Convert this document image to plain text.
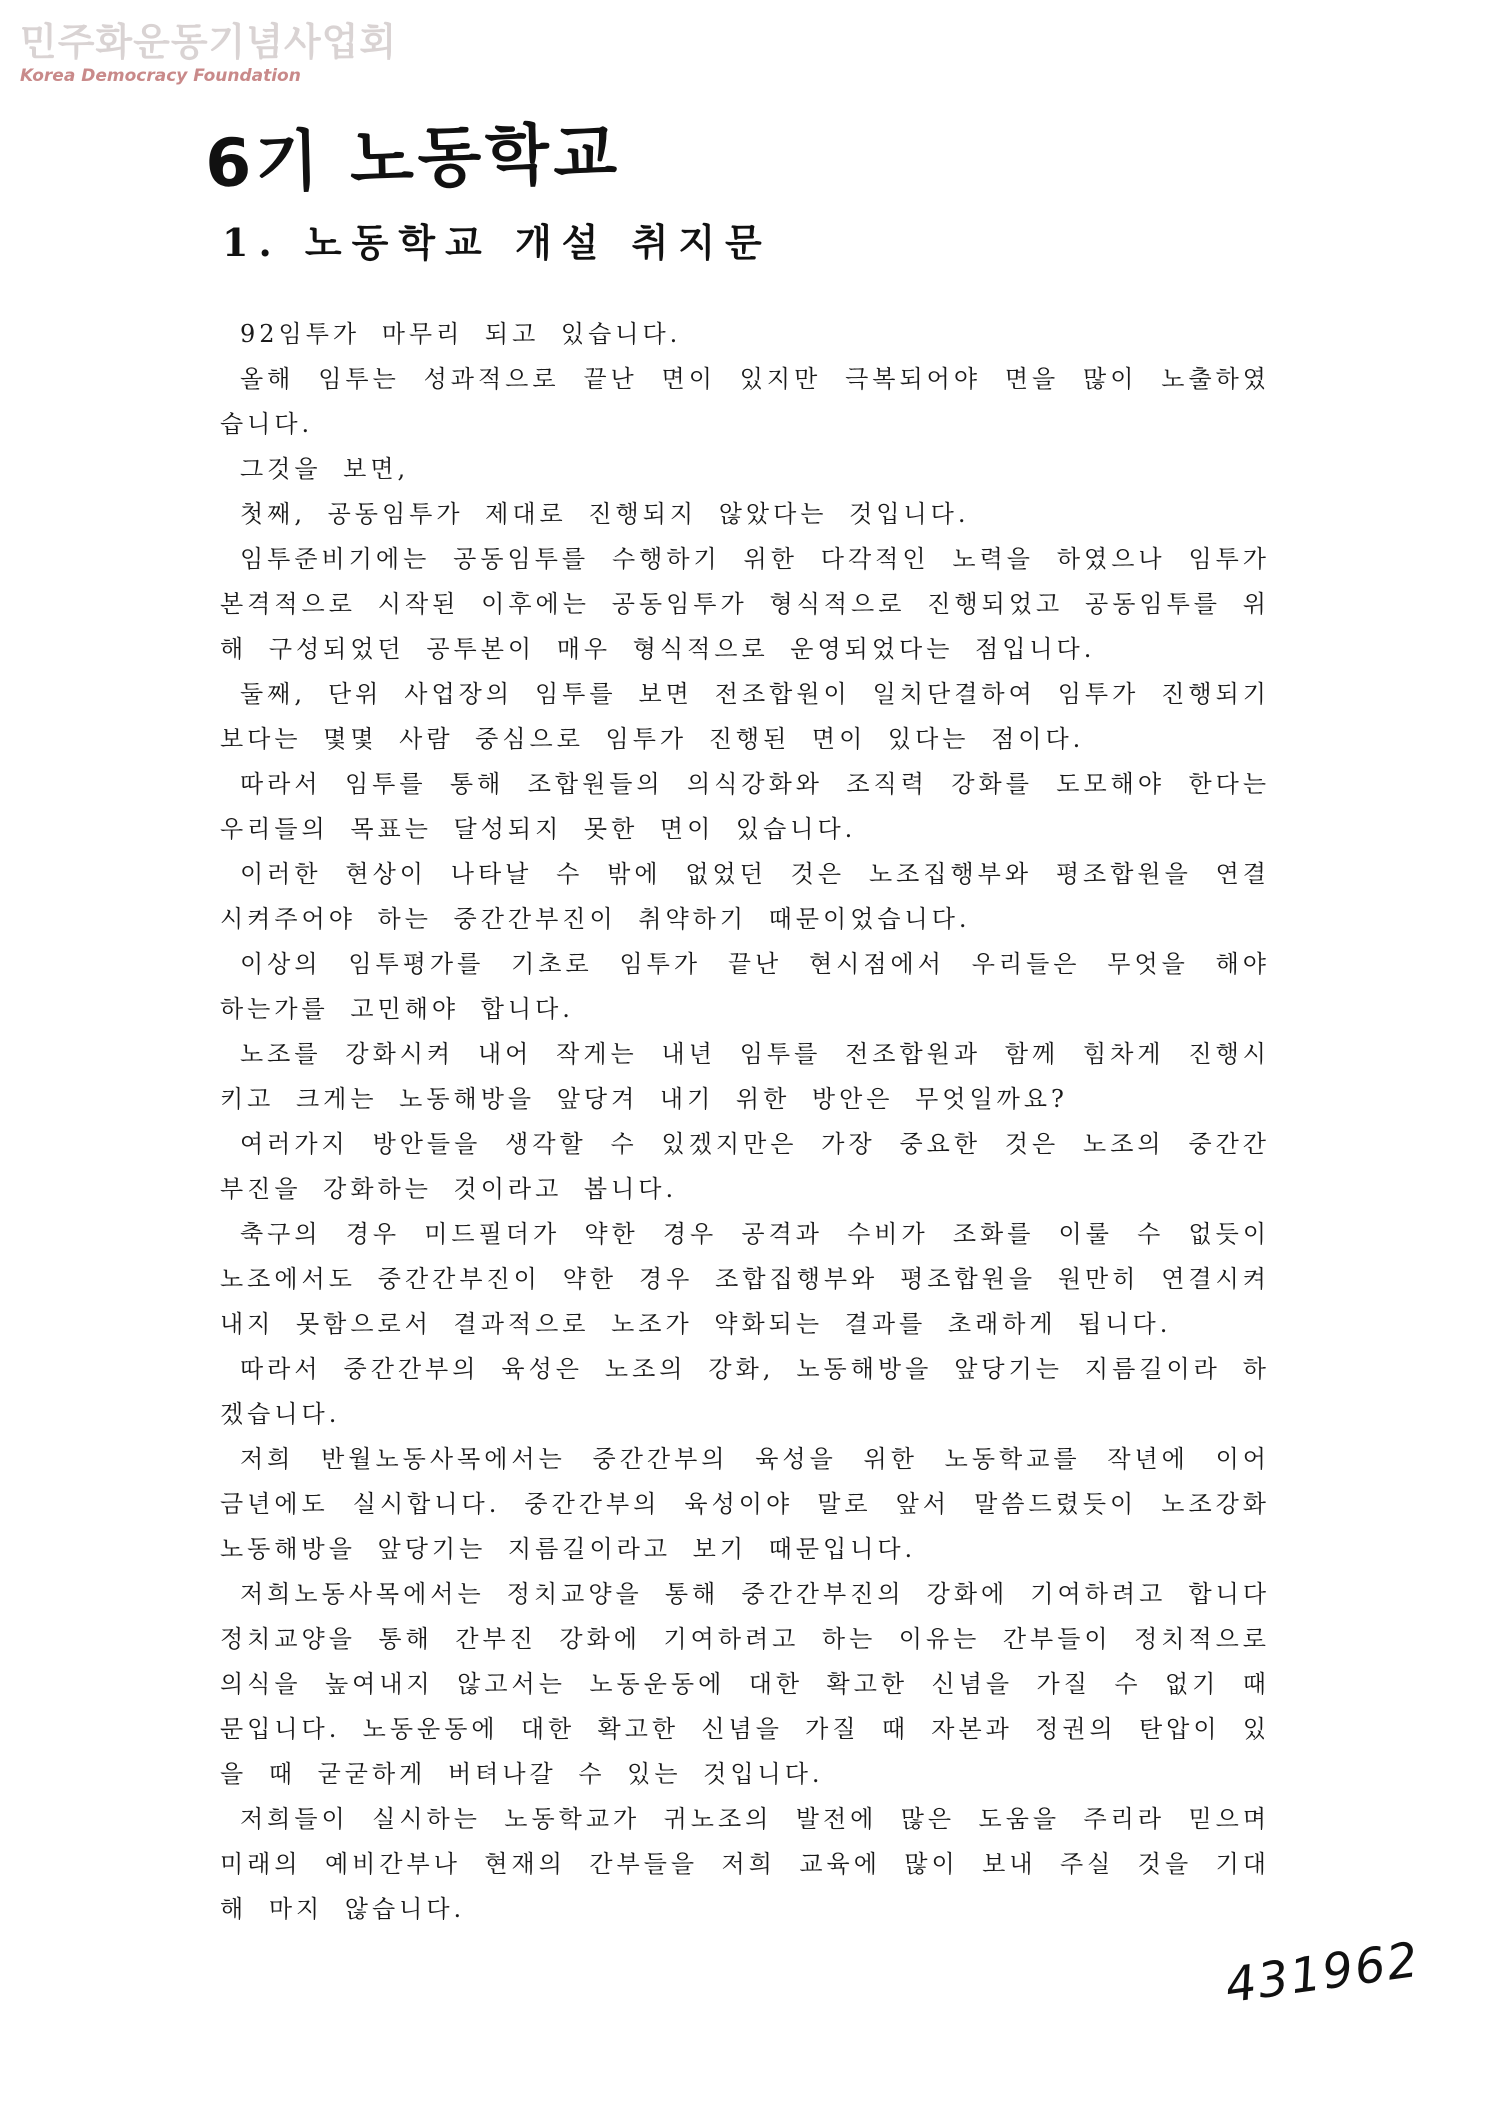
민주화운동기념사업회
Korea Democracy Foundation
6기 노동학교
1. 노동학교 개설 취지문

92임투가 마무리 되고 있습니다.

올해 임투는 성과적으로 끝난 면이 있지만 극복되어야 면을 많이 노출하였습니다.

그것을 보면,

첫째, 공동임투가 제대로 진행되지 않았다는 것입니다.

임투준비기에는 공동임투를 수행하기 위한 다각적인 노력을 하였으나 임투가 본격적으로 시작된 이후에는 공동임투가 형식적으로 진행되었고 공동임투를 위해 구성되었던 공투본이 매우 형식적으로 운영되었다는 점입니다.

둘째, 단위 사업장의 임투를 보면 전조합원이 일치단결하여 임투가 진행되기 보다는 몇몇 사람 중심으로 임투가 진행된 면이 있다는 점이다.

따라서 임투를 통해 조합원들의 의식강화와 조직력 강화를 도모해야 한다는 우리들의 목표는 달성되지 못한 면이 있습니다.

이러한 현상이 나타날 수 밖에 없었던 것은 노조집행부와 평조합원을 연결시켜주어야 하는 중간간부진이 취약하기 때문이었습니다.

이상의 임투평가를 기초로 임투가 끝난 현시점에서 우리들은 무엇을 해야 하는가를 고민해야 합니다.

노조를 강화시켜 내어 작게는 내년 임투를 전조합원과 함께 힘차게 진행시키고 크게는 노동해방을 앞당겨 내기 위한 방안은 무엇일까요?

여러가지 방안들을 생각할 수 있겠지만은 가장 중요한 것은 노조의 중간간부진을 강화하는 것이라고 봅니다.

축구의 경우 미드필더가 약한 경우 공격과 수비가 조화를 이룰 수 없듯이 노조에서도 중간간부진이 약한 경우 조합집행부와 평조합원을 원만히 연결시켜 내지 못함으로서 결과적으로 노조가 약화되는 결과를 초래하게 됩니다.

따라서 중간간부의 육성은 노조의 강화, 노동해방을 앞당기는 지름길이라 하겠습니다.

저희 반월노동사목에서는 중간간부의 육성을 위한 노동학교를 작년에 이어 금년에도 실시합니다. 중간간부의 육성이야 말로 앞서 말씀드렸듯이 노조강화 노동해방을 앞당기는 지름길이라고 보기 때문입니다.

저희노동사목에서는 정치교양을 통해 중간간부진의 강화에 기여하려고 합니다 정치교양을 통해 간부진 강화에 기여하려고 하는 이유는 간부들이 정치적으로 의식을 높여내지 않고서는 노동운동에 대한 확고한 신념을 가질 수 없기 때문입니다. 노동운동에 대한 확고한 신념을 가질 때 자본과 정권의 탄압이 있을 때 굳굳하게 버텨나갈 수 있는 것입니다.

저희들이 실시하는 노동학교가 귀노조의 발전에 많은 도움을 주리라 믿으며 미래의 예비간부나 현재의 간부들을 저희 교육에 많이 보내 주실 것을 기대해 마지 않습니다.

431962
